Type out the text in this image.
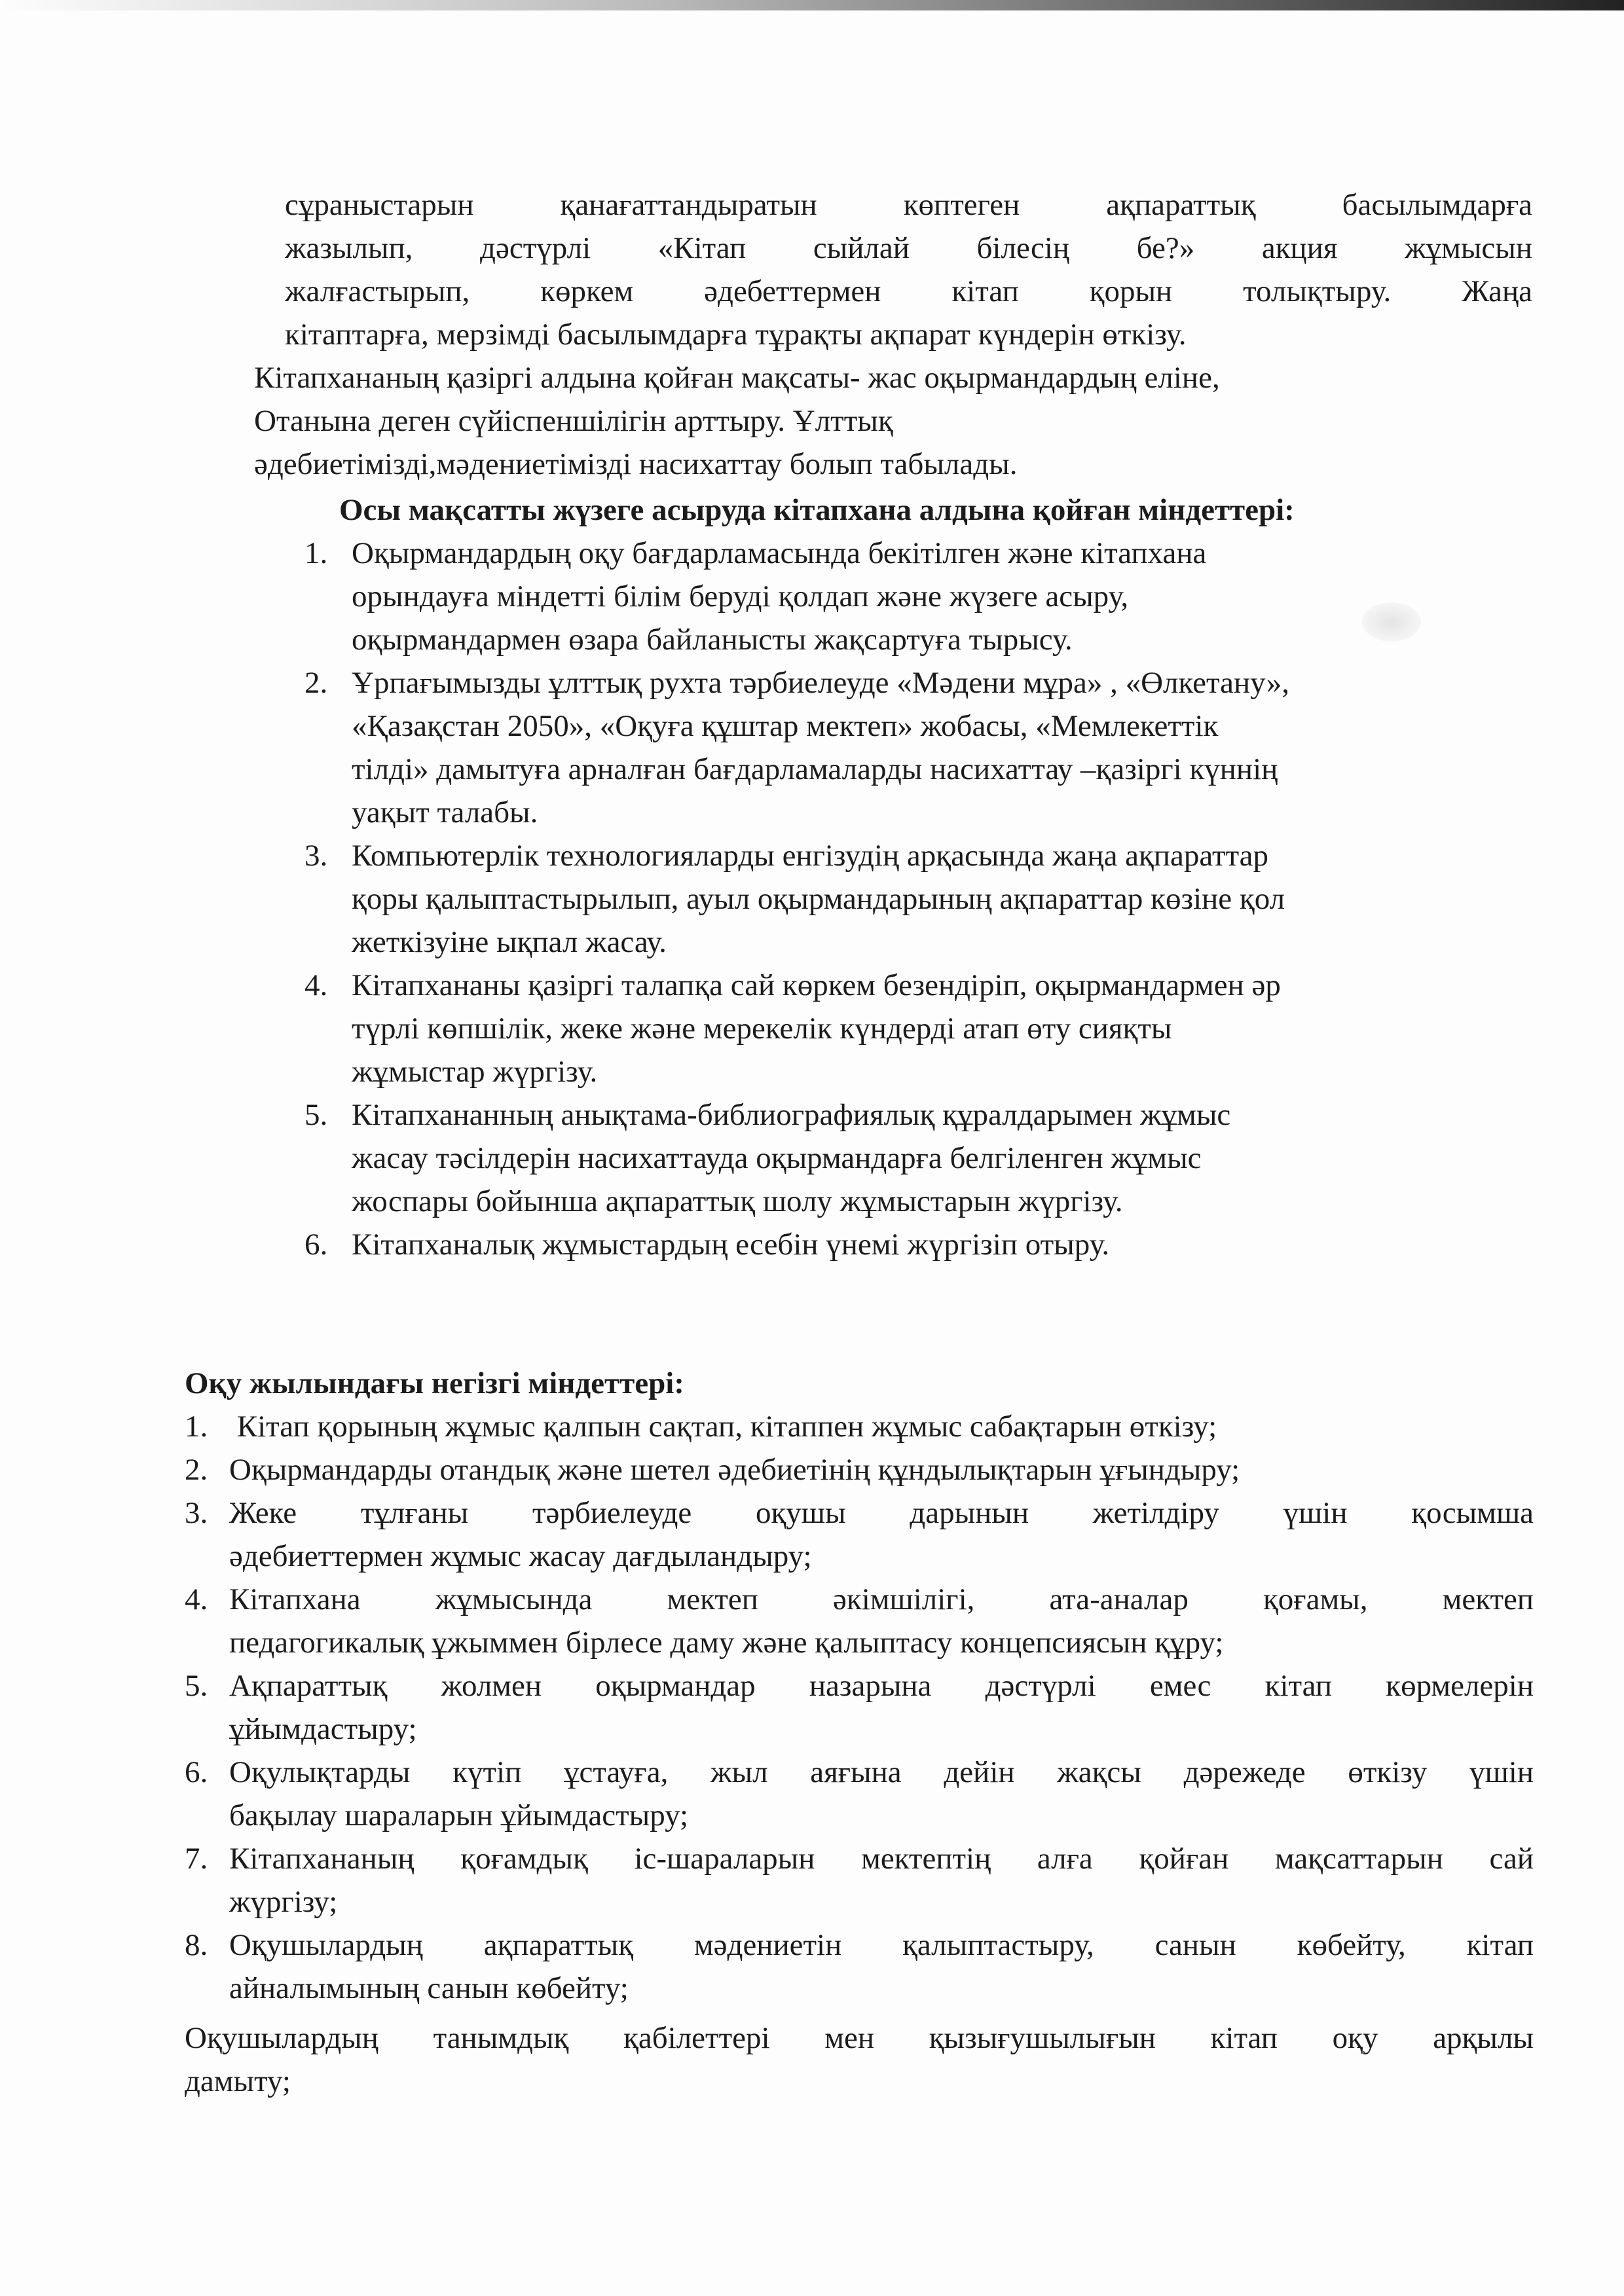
сұраныстарын қанағаттандыратын көптеген ақпараттық басылымдарға

жазылып, дәстүрлі «Кітап сыйлай білесің бе?» акция жұмысын

жалғастырып, көркем әдебеттермен кітап қорын толықтыру. Жаңа

кітаптарға, мерзімді басылымдарға тұрақты ақпарат күндерін өткізу.

Кітапхананың қазіргі алдына қойған мақсаты- жас оқырмандардың еліне,

Отанына деген сүйіспеншілігін арттыру. Ұлттық

әдебиетімізді,мәдениетімізді насихаттау болып табылады.

Осы мақсатты жүзеге асыруда кітапхана алдына қойған міндеттері:
1. Оқырмандардың оқу бағдарламасында бекітілген және кітапхана

орындауға міндетті білім беруді қолдап және жүзеге асыру,

оқырмандармен өзара байланысты жақсартуға тырысу.

2. Ұрпағымызды ұлттық рухта тәрбиелеуде «Мәдени мұра» , «Өлкетану»,

«Қазақстан 2050», «Оқуға құштар мектеп» жобасы, «Мемлекеттік

тілді» дамытуға арналған бағдарламаларды насихаттау –қазіргі күннің

уақыт талабы.

3. Компьютерлік технологияларды енгізудің арқасында жаңа ақпараттар

қоры қалыптастырылып, ауыл оқырмандарының ақпараттар көзіне қол

жеткізуіне ықпал жасау.

4. Кітапхананы қазіргі талапқа сай көркем безендіріп, оқырмандармен әр

түрлі көпшілік, жеке және мерекелік күндерді атап өту сияқты

жұмыстар жүргізу.

5. Кітапхананның анықтама-библиографиялық құралдарымен жұмыс

жасау тәсілдерін насихаттауда оқырмандарға белгіленген жұмыс

жоспары бойынша ақпараттық шолу жұмыстарын жүргізу.

6. Кітапханалық жұмыстардың есебін үнемі жүргізіп отыру.

Оқу жылындағы негізгі міндеттері:
1. Кітап қорының жұмыс қалпын сақтап, кітаппен жұмыс сабақтарын өткізу;

2. Оқырмандарды отандық және шетел әдебиетінің құндылықтарын ұғындыру;

3. Жеке тұлғаны тәрбиелеуде оқушы дарынын жетілдіру үшін қосымша

әдебиеттермен жұмыс жасау дағдыландыру;

4. Кітапхана жұмысында мектеп әкімшілігі, ата-аналар қоғамы, мектеп

педагогикалық ұжыммен бірлесе даму және қалыптасу концепсиясын құру;

5. Ақпараттық жолмен оқырмандар назарына дәстүрлі емес кітап көрмелерін

ұйымдастыру;

6. Оқулықтарды күтіп ұстауға, жыл аяғына дейін жақсы дәрежеде өткізу үшін

бақылау шараларын ұйымдастыру;

7. Кітапхананың қоғамдық іс-шараларын мектептің алға қойған мақсаттарын сай

жүргізу;

8. Оқушылардың ақпараттық мәдениетін қалыптастыру, санын көбейту, кітап

айналымының санын көбейту;

Оқушылардың танымдық қабілеттері мен қызығушылығын кітап оқу арқылы

дамыту;
